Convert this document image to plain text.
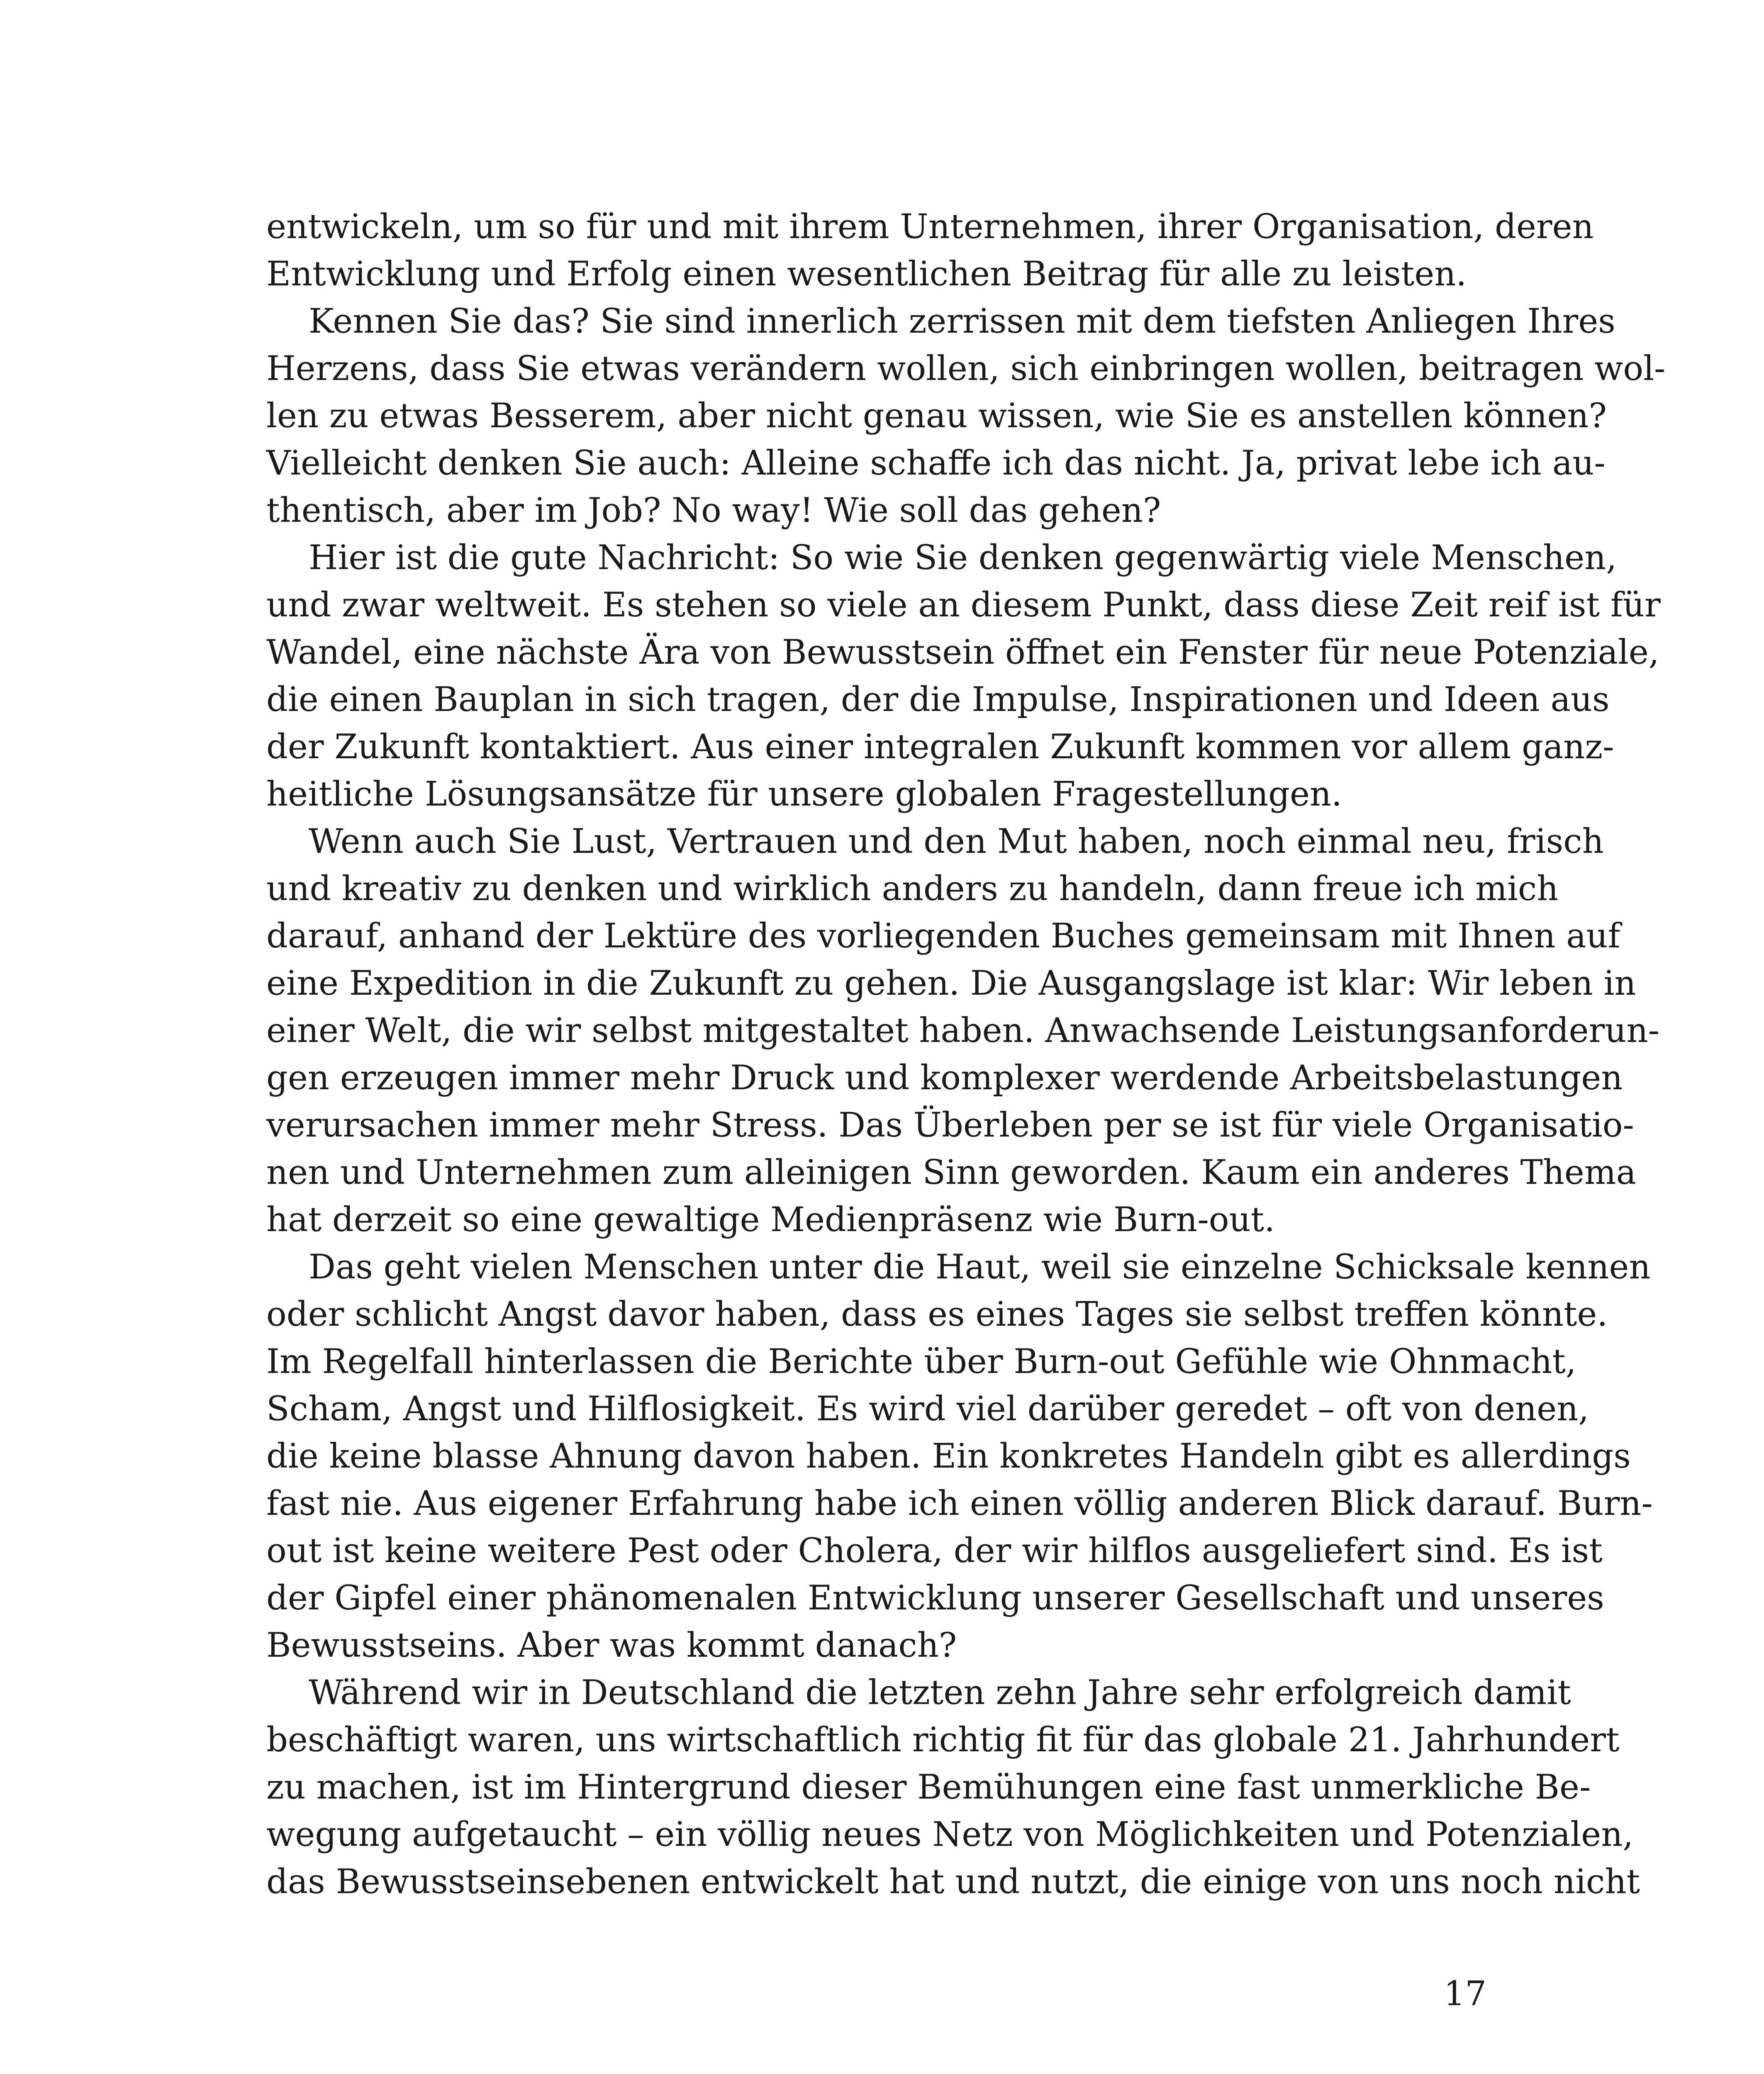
entwickeln, um so für und mit ihrem Unternehmen, ihrer Organisation, deren
Entwicklung und Erfolg einen wesentlichen Beitrag für alle zu leisten.
Kennen Sie das? Sie sind innerlich zerrissen mit dem tiefsten Anliegen Ihres
Herzens, dass Sie etwas verändern wollen, sich einbringen wollen, beitragen wol-
len zu etwas Besserem, aber nicht genau wissen, wie Sie es anstellen können?
Vielleicht denken Sie auch: Alleine schaffe ich das nicht. Ja, privat lebe ich au-
thentisch, aber im Job? No way! Wie soll das gehen?
Hier ist die gute Nachricht: So wie Sie denken gegenwärtig viele Menschen,
und zwar weltweit. Es stehen so viele an diesem Punkt, dass diese Zeit reif ist für
Wandel, eine nächste Ära von Bewusstsein öffnet ein Fenster für neue Potenziale,
die einen Bauplan in sich tragen, der die Impulse, Inspirationen und Ideen aus
der Zukunft kontaktiert. Aus einer integralen Zukunft kommen vor allem ganz-
heitliche Lösungsansätze für unsere globalen Fragestellungen.
Wenn auch Sie Lust, Vertrauen und den Mut haben, noch einmal neu, frisch
und kreativ zu denken und wirklich anders zu handeln, dann freue ich mich
darauf, anhand der Lektüre des vorliegenden Buches gemeinsam mit Ihnen auf
eine Expedition in die Zukunft zu gehen. Die Ausgangslage ist klar: Wir leben in
einer Welt, die wir selbst mitgestaltet haben. Anwachsende Leistungsanforderun-
gen erzeugen immer mehr Druck und komplexer werdende Arbeitsbelastungen
verursachen immer mehr Stress. Das Überleben per se ist für viele Organisatio-
nen und Unternehmen zum alleinigen Sinn geworden. Kaum ein anderes Thema
hat derzeit so eine gewaltige Medienpräsenz wie Burn-out.
Das geht vielen Menschen unter die Haut, weil sie einzelne Schicksale kennen
oder schlicht Angst davor haben, dass es eines Tages sie selbst treffen könnte.
Im Regelfall hinterlassen die Berichte über Burn-out Gefühle wie Ohnmacht,
Scham, Angst und Hilflosigkeit. Es wird viel darüber geredet – oft von denen,
die keine blasse Ahnung davon haben. Ein konkretes Handeln gibt es allerdings
fast nie. Aus eigener Erfahrung habe ich einen völlig anderen Blick darauf. Burn-
out ist keine weitere Pest oder Cholera, der wir hilflos ausgeliefert sind. Es ist
der Gipfel einer phänomenalen Entwicklung unserer Gesellschaft und unseres
Bewusstseins. Aber was kommt danach?
Während wir in Deutschland die letzten zehn Jahre sehr erfolgreich damit
beschäftigt waren, uns wirtschaftlich richtig fit für das globale 21. Jahrhundert
zu machen, ist im Hintergrund dieser Bemühungen eine fast unmerkliche Be-
wegung aufgetaucht – ein völlig neues Netz von Möglichkeiten und Potenzialen,
das Bewusstseinsebenen entwickelt hat und nutzt, die einige von uns noch nicht
17
